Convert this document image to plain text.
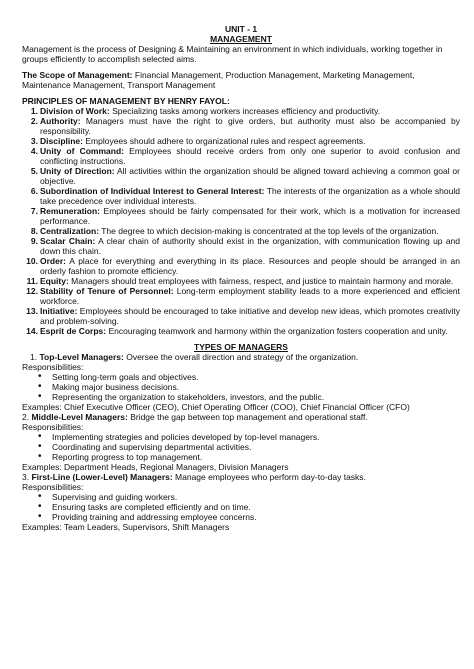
UNIT - 1

MANAGEMENT

Management is the process of Designing & Maintaining an environment in which individuals, working together in groups efficiently to accomplish selected aims.

The Scope of Management: Financial Management, Production Management, Marketing Management, Maintenance Management, Transport Management

PRINCIPLES OF MANAGEMENT BY HENRY FAYOL:

1. Division of Work: Specializing tasks among workers increases efficiency and productivity.
2. Authority: Managers must have the right to give orders, but authority must also be accompanied by responsibility.
3. Discipline: Employees should adhere to organizational rules and respect agreements.
4. Unity of Command: Employees should receive orders from only one superior to avoid confusion and conflicting instructions.
5. Unity of Direction: All activities within the organization should be aligned toward achieving a common goal or objective.
6. Subordination of Individual Interest to General Interest: The interests of the organization as a whole should take precedence over individual interests.
7. Remuneration: Employees should be fairly compensated for their work, which is a motivation for increased performance.
8. Centralization: The degree to which decision-making is concentrated at the top levels of the organization.
9. Scalar Chain: A clear chain of authority should exist in the organization, with communication flowing up and down this chain.
10. Order: A place for everything and everything in its place. Resources and people should be arranged in an orderly fashion to promote efficiency.
11. Equity: Managers should treat employees with fairness, respect, and justice to maintain harmony and morale.
12. Stability of Tenure of Personnel: Long-term employment stability leads to a more experienced and efficient workforce.
13. Initiative: Employees should be encouraged to take initiative and develop new ideas, which promotes creativity and problem-solving.
14. Esprit de Corps: Encouraging teamwork and harmony within the organization fosters cooperation and unity.

TYPES OF MANAGERS

1. Top-Level Managers: Oversee the overall direction and strategy of the organization.

Responsibilities:

• Setting long-term goals and objectives.
• Making major business decisions.
• Representing the organization to stakeholders, investors, and the public.

Examples: Chief Executive Officer (CEO), Chief Operating Officer (COO), Chief Financial Officer (CFO)

2. Middle-Level Managers: Bridge the gap between top management and operational staff.

Responsibilities:

• Implementing strategies and policies developed by top-level managers.
• Coordinating and supervising departmental activities.
• Reporting progress to top management.

Examples: Department Heads, Regional Managers, Division Managers

3. First-Line (Lower-Level) Managers: Manage employees who perform day-to-day tasks.

Responsibilities:

• Supervising and guiding workers.
• Ensuring tasks are completed efficiently and on time.
• Providing training and addressing employee concerns.

Examples: Team Leaders, Supervisors, Shift Managers
